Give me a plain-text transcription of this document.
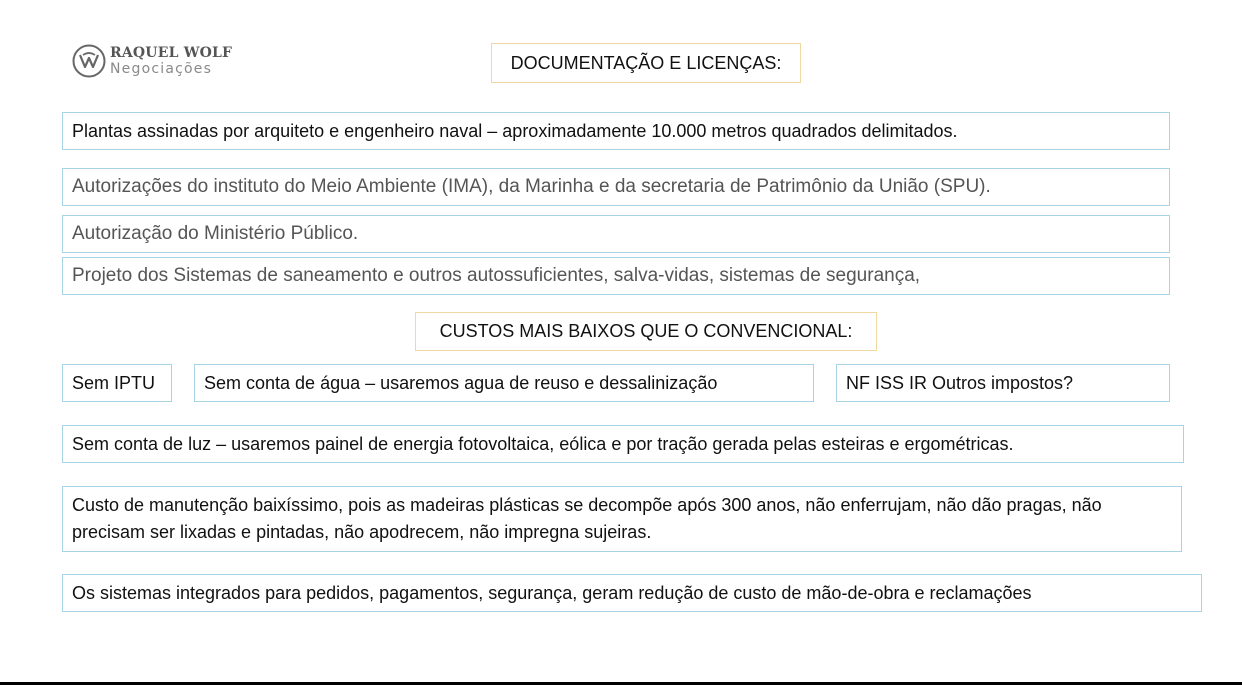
RAQUEL WOLF
Negociações	DOCUMENTAÇÃO E LICENÇAS:
Plantas assinadas por arquiteto e engenheiro naval – aproximadamente 10.000 metros quadrados delimitados.
Autorizações do instituto do Meio Ambiente (IMA), da Marinha e da secretaria de Patrimônio da União (SPU).
Autorização do Ministério Público.
Projeto dos Sistemas de saneamento e outros autossuficientes, salva-vidas, sistemas de segurança,
CUSTOS MAIS BAIXOS QUE O CONVENCIONAL:
Sem IPTU	Sem conta de água – usaremos agua de reuso e dessalinização	NF ISS IR Outros impostos?
Sem conta de luz – usaremos painel de energia fotovoltaica, eólica e por tração gerada pelas esteiras e ergométricas.
Custo de manutenção baixíssimo, pois as madeiras plásticas se decompõe após 300 anos, não enferrujam, não dão pragas, não precisam ser lixadas e pintadas, não apodrecem, não impregna sujeiras.
Os sistemas integrados para pedidos, pagamentos, segurança, geram redução de custo de mão-de-obra e reclamações
